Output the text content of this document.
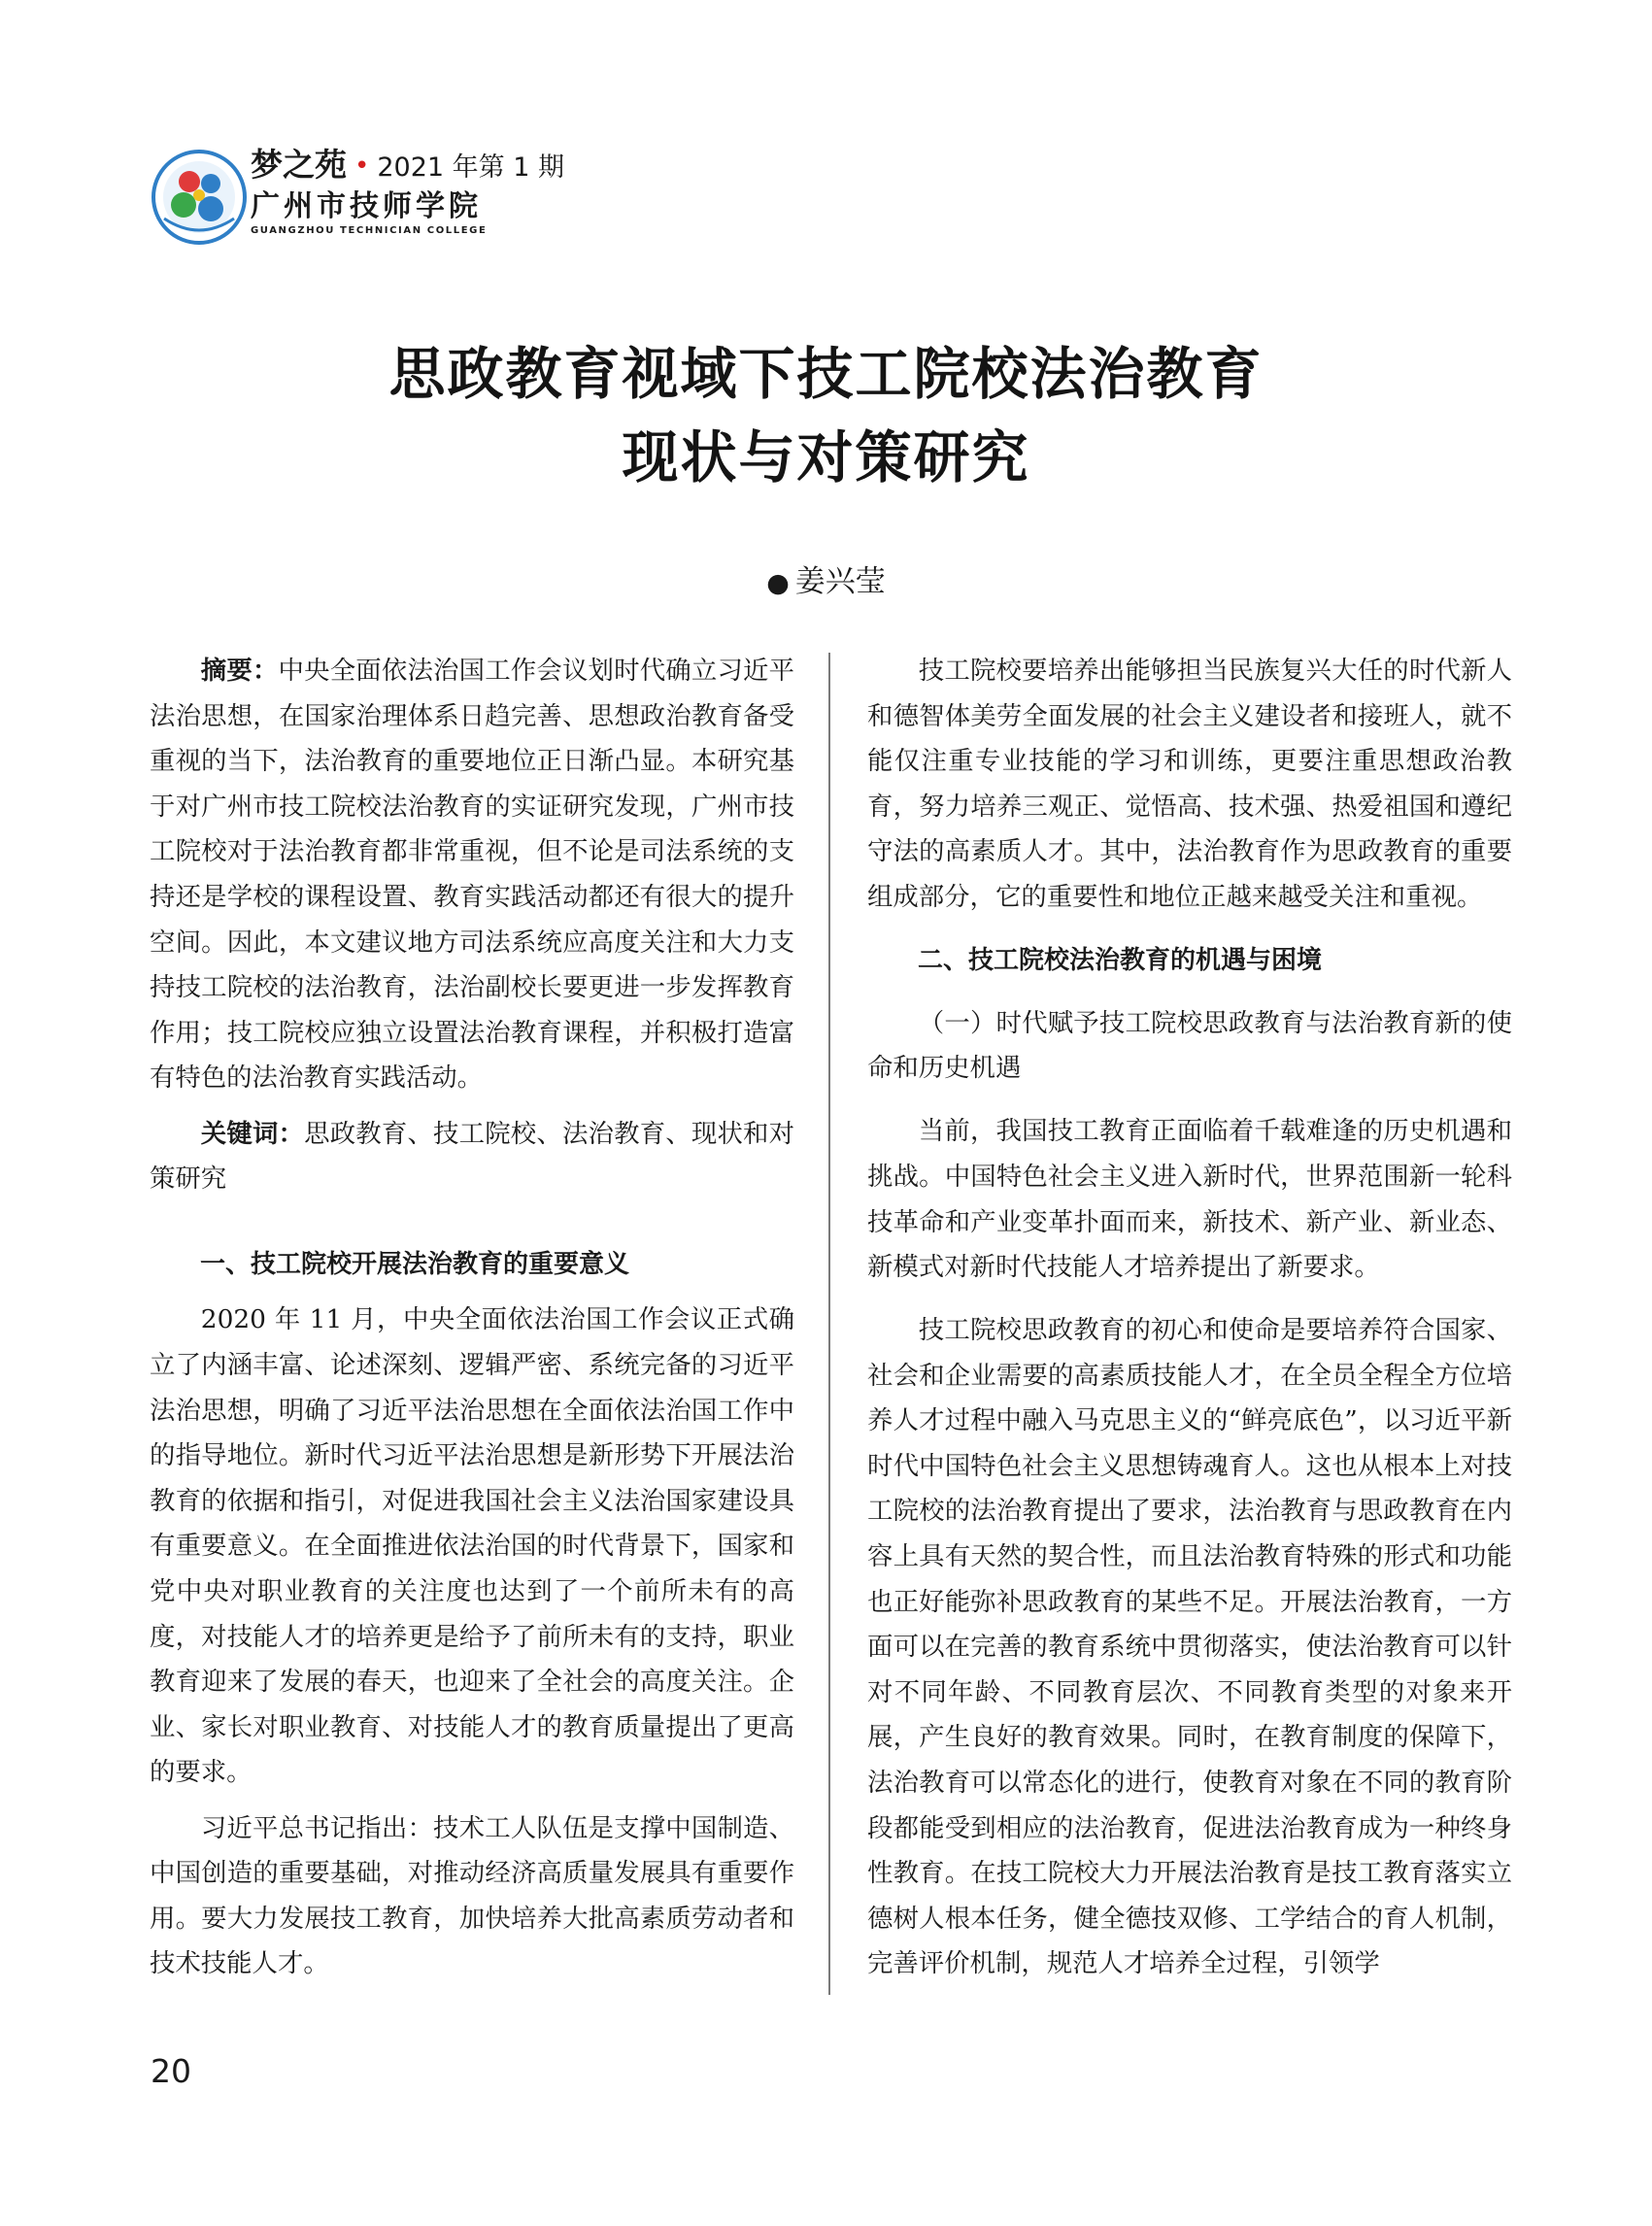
梦之苑 • 2021 年第 1 期
广州市技师学院
GUANGZHOU TECHNICIAN COLLEGE
思政教育视域下技工院校法治教育
现状与对策研究
● 姜兴莹

摘要：中央全面依法治国工作会议划时代确立习近平法治思想，在国家治理体系日趋完善、思想政治教育备受重视的当下，法治教育的重要地位正日渐凸显。本研究基于对广州市技工院校法治教育的实证研究发现，广州市技工院校对于法治教育都非常重视，但不论是司法系统的支持还是学校的课程设置、教育实践活动都还有很大的提升空间。因此，本文建议地方司法系统应高度关注和大力支持技工院校的法治教育，法治副校长要更进一步发挥教育作用；技工院校应独立设置法治教育课程，并积极打造富有特色的法治教育实践活动。

关键词：思政教育、技工院校、法治教育、现状和对策研究

一、技工院校开展法治教育的重要意义

2020 年 11 月，中央全面依法治国工作会议正式确立了内涵丰富、论述深刻、逻辑严密、系统完备的习近平法治思想，明确了习近平法治思想在全面依法治国工作中的指导地位。新时代习近平法治思想是新形势下开展法治教育的依据和指引，对促进我国社会主义法治国家建设具有重要意义。在全面推进依法治国的时代背景下，国家和党中央对职业教育的关注度也达到了一个前所未有的高度，对技能人才的培养更是给予了前所未有的支持，职业教育迎来了发展的春天，也迎来了全社会的高度关注。企业、家长对职业教育、对技能人才的教育质量提出了更高的要求。

习近平总书记指出：技术工人队伍是支撑中国制造、中国创造的重要基础，对推动经济高质量发展具有重要作用。要大力发展技工教育，加快培养大批高素质劳动者和技术技能人才。

技工院校要培养出能够担当民族复兴大任的时代新人和德智体美劳全面发展的社会主义建设者和接班人，就不能仅注重专业技能的学习和训练，更要注重思想政治教育，努力培养三观正、觉悟高、技术强、热爱祖国和遵纪守法的高素质人才。其中，法治教育作为思政教育的重要组成部分，它的重要性和地位正越来越受关注和重视。

二、技工院校法治教育的机遇与困境

（一）时代赋予技工院校思政教育与法治教育新的使命和历史机遇

当前，我国技工教育正面临着千载难逢的历史机遇和挑战。中国特色社会主义进入新时代，世界范围新一轮科技革命和产业变革扑面而来，新技术、新产业、新业态、新模式对新时代技能人才培养提出了新要求。

技工院校思政教育的初心和使命是要培养符合国家、社会和企业需要的高素质技能人才，在全员全程全方位培养人才过程中融入马克思主义的“鲜亮底色”，以习近平新时代中国特色社会主义思想铸魂育人。这也从根本上对技工院校的法治教育提出了要求，法治教育与思政教育在内容上具有天然的契合性，而且法治教育特殊的形式和功能也正好能弥补思政教育的某些不足。开展法治教育，一方面可以在完善的教育系统中贯彻落实，使法治教育可以针对不同年龄、不同教育层次、不同教育类型的对象来开展，产生良好的教育效果。同时，在教育制度的保障下，法治教育可以常态化的进行，使教育对象在不同的教育阶段都能受到相应的法治教育，促进法治教育成为一种终身性教育。在技工院校大力开展法治教育是技工教育落实立德树人根本任务，健全德技双修、工学结合的育人机制，完善评价机制，规范人才培养全过程，引领学

20
